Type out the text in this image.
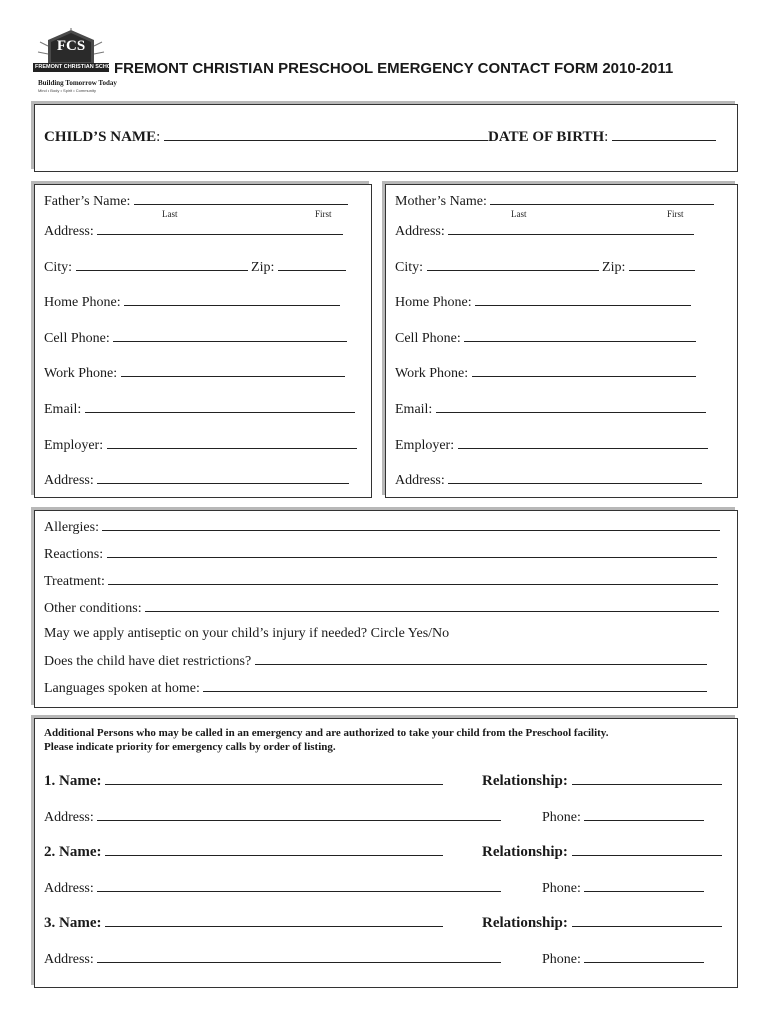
FCS
FREMONT CHRISTIAN SCHOOL
Building Tomorrow Today
Mind • Body • Spirit • Community
FREMONT CHRISTIAN PRESCHOOL EMERGENCY CONTACT FORM 2010-2011
CHILD’S NAME:	DATE OF BIRTH:
Father’s Name:
Last	First
Address:
City:	Zip:
Home Phone:
Cell Phone:
Work Phone:
Email:
Employer:
Address:
Mother’s Name:
Last	First
Address:
City:	Zip:
Home Phone:
Cell Phone:
Work Phone:
Email:
Employer:
Address:
Allergies:
Reactions:
Treatment:
Other conditions:
May we apply antiseptic on your child’s injury if needed? Circle Yes/No
Does the child have diet restrictions?
Languages spoken at home:
Additional Persons who may be called in an emergency and are authorized to take your child from the Preschool facility.
Please indicate priority for emergency calls by order of listing.
1. Name:	Relationship:
Address:	Phone:
2. Name:	Relationship:
Address:	Phone:
3. Name:	Relationship:
Address:	Phone:
